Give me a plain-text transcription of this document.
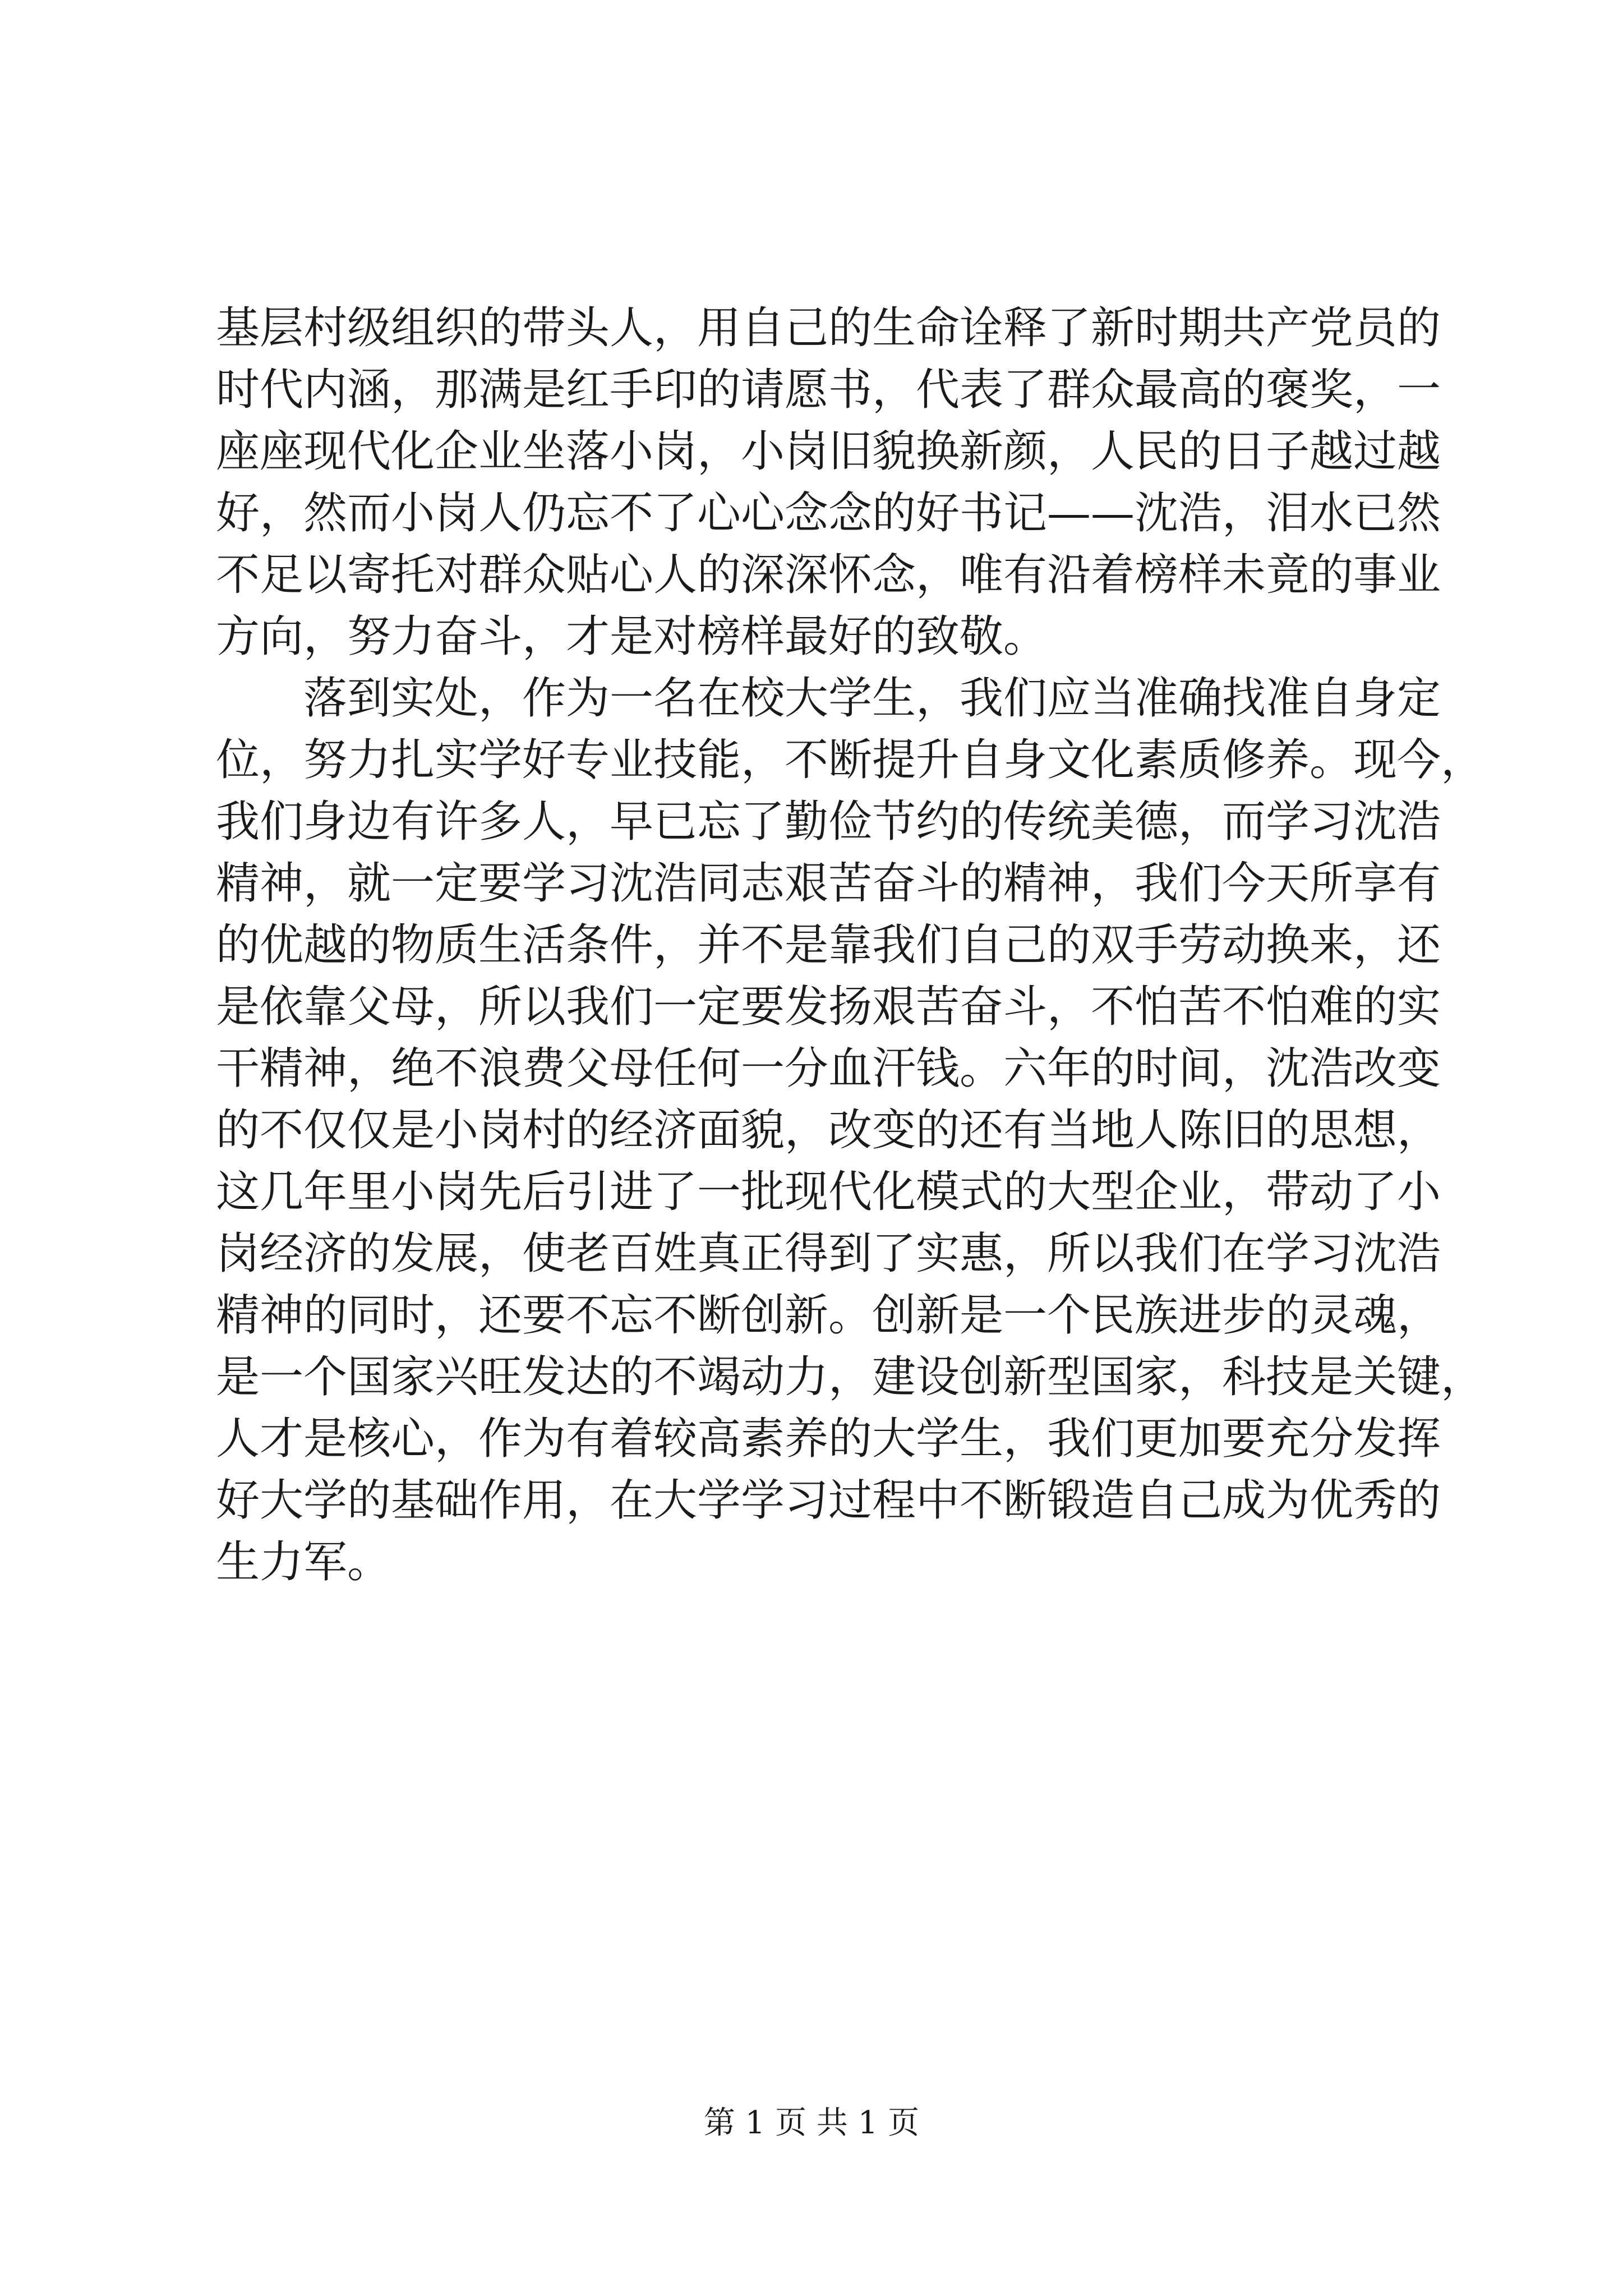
基层村级组织的带头人，用自己的生命诠释了新时期共产党员的
时代内涵，那满是红手印的请愿书，代表了群众最高的褒奖，一
座座现代化企业坐落小岗，小岗旧貌换新颜，人民的日子越过越
好，然而小岗人仍忘不了心心念念的好书记——沈浩，泪水已然
不足以寄托对群众贴心人的深深怀念，唯有沿着榜样未竟的事业
方向，努力奋斗，才是对榜样最好的致敬。
落到实处，作为一名在校大学生，我们应当准确找准自身定
位，努力扎实学好专业技能，不断提升自身文化素质修养。现今，
我们身边有许多人，早已忘了勤俭节约的传统美德，而学习沈浩
精神，就一定要学习沈浩同志艰苦奋斗的精神，我们今天所享有
的优越的物质生活条件，并不是靠我们自己的双手劳动换来，还
是依靠父母，所以我们一定要发扬艰苦奋斗，不怕苦不怕难的实
干精神，绝不浪费父母任何一分血汗钱。六年的时间，沈浩改变
的不仅仅是小岗村的经济面貌，改变的还有当地人陈旧的思想，
这几年里小岗先后引进了一批现代化模式的大型企业，带动了小
岗经济的发展，使老百姓真正得到了实惠，所以我们在学习沈浩
精神的同时，还要不忘不断创新。创新是一个民族进步的灵魂，
是一个国家兴旺发达的不竭动力，建设创新型国家，科技是关键，
人才是核心，作为有着较高素养的大学生，我们更加要充分发挥
好大学的基础作用，在大学学习过程中不断锻造自己成为优秀的
生力军。
第 1 页 共 1 页
